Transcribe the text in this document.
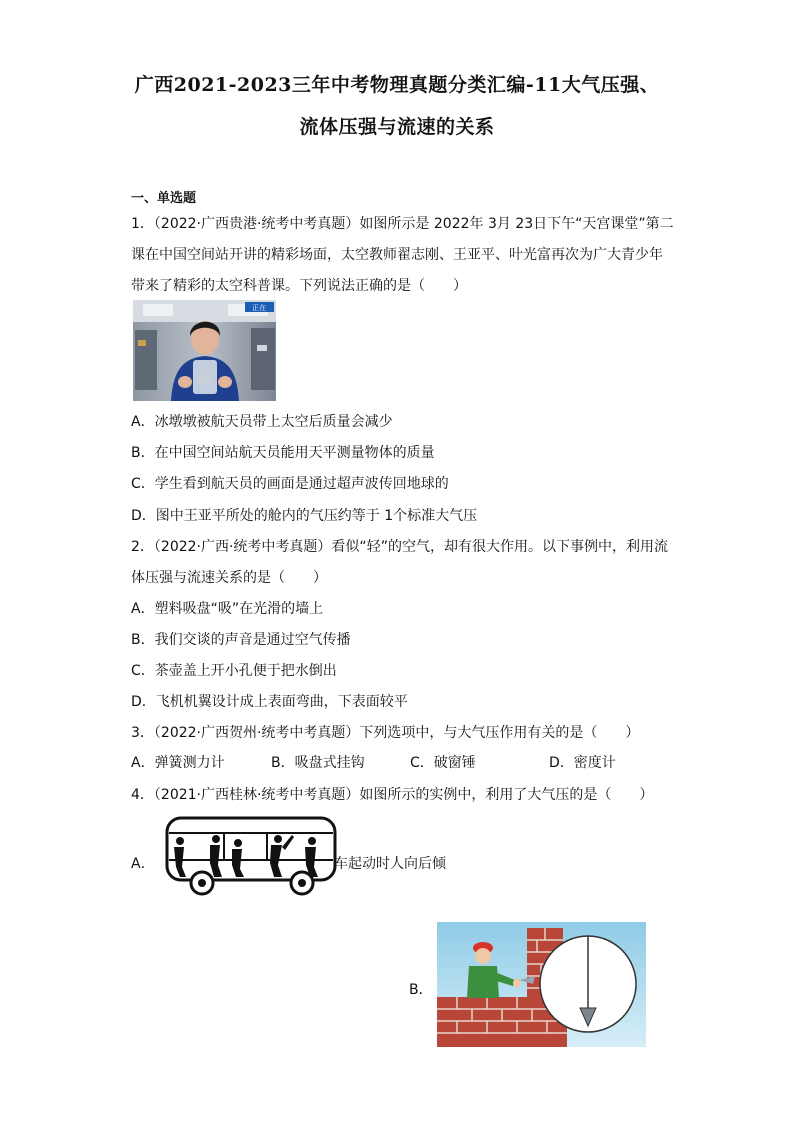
广西2021-2023三年中考物理真题分类汇编-11大气压强、
流体压强与流速的关系
一、单选题
1．（2022·广西贵港·统考中考真题）如图所示是 2022年 3月 23日下午“天宫课堂”第二
课在中国空间站开讲的精彩场面，太空教师翟志刚、王亚平、叶光富再次为广大青少年
带来了精彩的太空科普课。下列说法正确的是（　　）
正在
A．冰墩墩被航天员带上太空后质量会减少
B．在中国空间站航天员能用天平测量物体的质量
C．学生看到航天员的画面是通过超声波传回地球的
D．图中王亚平所处的舱内的气压约等于 1个标准大气压
2．（2022·广西·统考中考真题）看似“轻”的空气，却有很大作用。以下事例中，利用流
体压强与流速关系的是（　　）
A．塑料吸盘“吸”在光滑的墙上
B．我们交谈的声音是通过空气传播
C．茶壶盖上开小孔便于把水倒出
D．飞机机翼设计成上表面弯曲，下表面较平
3．（2022·广西贺州·统考中考真题）下列选项中，与大气压作用有关的是（　　）
A．弹簧测力计	B．吸盘式挂钩	C．破窗锤	D．密度计
4．（2021·广西桂林·统考中考真题）如图所示的实例中，利用了大气压的是（　　）
A．	车起动时人向后倾
B．
